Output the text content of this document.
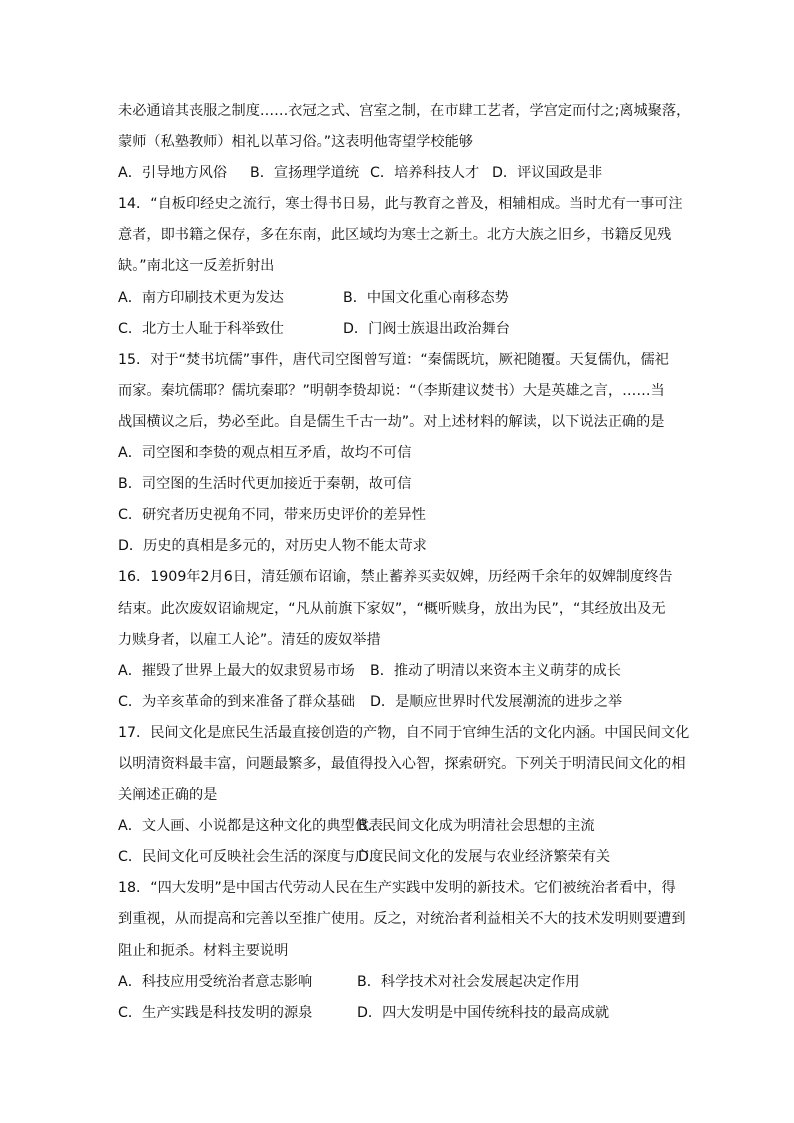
未必通谙其丧服之制度……衣冠之式、宫室之制，在市肆工艺者，学宫定而付之;离城聚落，
蒙师（私塾教师）相礼以革习俗。”这表明他寄望学校能够
A．引导地方风俗 B．宣扬理学道统 C．培养科技人才 D．评议国政是非
14．“自板印经史之流行，寒士得书日易，此与教育之普及，相辅相成。当时尤有一事可注
意者，即书籍之保存，多在东南，此区域均为寒士之新土。北方大族之旧乡，书籍反见残
缺。”南北这一反差折射出
A．南方印刷技术更为发达	B．中国文化重心南移态势
C．北方士人耻于科举致仕	D．门阀士族退出政治舞台
15．对于“焚书坑儒”事件，唐代司空图曾写道：“秦儒既坑，厥祀随覆。天复儒仇，儒祀
而家。秦坑儒耶？儒坑秦耶？”明朝李贽却说：“（李斯建议焚书）大是英雄之言，……当
战国横议之后，势必至此。自是儒生千古一劫”。对上述材料的解读，以下说法正确的是
A．司空图和李贽的观点相互矛盾，故均不可信
B．司空图的生活时代更加接近于秦朝，故可信
C．研究者历史视角不同，带来历史评价的差异性
D．历史的真相是多元的，对历史人物不能太苛求
16．1909年2月6日，清廷颁布诏谕，禁止蓄养买卖奴婢，历经两千余年的奴婢制度终告
结束。此次废奴诏谕规定，“凡从前旗下家奴”，“概听赎身，放出为民”，“其经放出及无
力赎身者，以雇工人论”。清廷的废奴举措
A．摧毁了世界上最大的奴隶贸易市场 B．推动了明清以来资本主义萌芽的成长
C．为辛亥革命的到来准备了群众基础 D．是顺应世界时代发展潮流的进步之举
17．民间文化是庶民生活最直接创造的产物，自不同于官绅生活的文化内涵。中国民间文化
以明清资料最丰富，问题最繁多，最值得投入心智，探索研究。下列关于明清民间文化的相
关阐述正确的是
A．文人画、小说都是这种文化的典型代表B．民间文化成为明清社会思想的主流
C．民间文化可反映社会生活的深度与广度D．民间文化的发展与农业经济繁荣有关
18．“四大发明”是中国古代劳动人民在生产实践中发明的新技术。它们被统治者看中，得
到重视，从而提高和完善以至推广使用。反之，对统治者利益相关不大的技术发明则要遭到
阻止和扼杀。材料主要说明
A．科技应用受统治者意志影响	B．科学技术对社会发展起决定作用
C．生产实践是科技发明的源泉	D．四大发明是中国传统科技的最高成就
